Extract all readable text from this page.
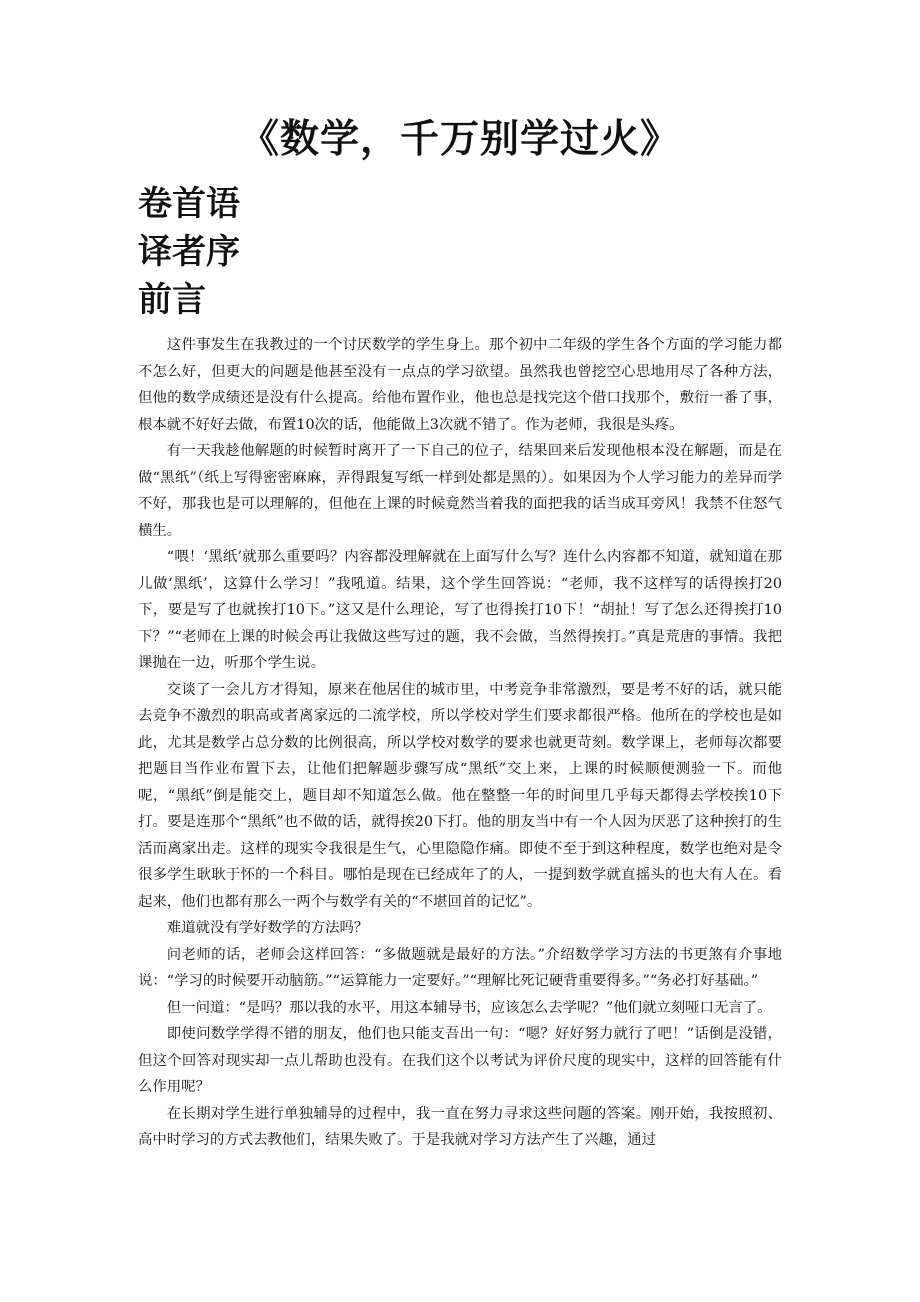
《数学，千万别学过火》
卷首语
译者序
前言

这件事发生在我教过的一个讨厌数学的学生身上。那个初中二年级的学生各个方面的学习能力都不怎么好，但更大的问题是他甚至没有一点点的学习欲望。虽然我也曾挖空心思地用尽了各种方法，但他的数学成绩还是没有什么提高。给他布置作业，他也总是找完这个借口找那个，敷衍一番了事，根本就不好好去做，布置10次的话，他能做上3次就不错了。作为老师，我很是头疼。

有一天我趁他解题的时候暂时离开了一下自己的位子，结果回来后发现他根本没在解题，而是在做“黑纸”（纸上写得密密麻麻，弄得跟复写纸一样到处都是黑的）。如果因为个人学习能力的差异而学不好，那我也是可以理解的，但他在上课的时候竟然当着我的面把我的话当成耳旁风！我禁不住怒气横生。

“喂！‘黑纸’就那么重要吗？内容都没理解就在上面写什么写？连什么内容都不知道，就知道在那儿做‘黑纸’，这算什么学习！”我吼道。结果，这个学生回答说：“老师，我不这样写的话得挨打20下，要是写了也就挨打10下。”这又是什么理论，写了也得挨打10下！“胡扯！写了怎么还得挨打10下？”“老师在上课的时候会再让我做这些写过的题，我不会做，当然得挨打。”真是荒唐的事情。我把课抛在一边，听那个学生说。

交谈了一会儿方才得知，原来在他居住的城市里，中考竞争非常激烈，要是考不好的话，就只能去竞争不激烈的职高或者离家远的二流学校，所以学校对学生们要求都很严格。他所在的学校也是如此，尤其是数学占总分数的比例很高，所以学校对数学的要求也就更苛刻。数学课上，老师每次都要把题目当作业布置下去，让他们把解题步骤写成“黑纸”交上来，上课的时候顺便测验一下。而他呢，“黑纸”倒是能交上，题目却不知道怎么做。他在整整一年的时间里几乎每天都得去学校挨10下打。要是连那个“黑纸”也不做的话，就得挨20下打。他的朋友当中有一个人因为厌恶了这种挨打的生活而离家出走。这样的现实令我很是生气，心里隐隐作痛。即使不至于到这种程度，数学也绝对是令很多学生耿耿于怀的一个科目。哪怕是现在已经成年了的人，一提到数学就直摇头的也大有人在。看起来，他们也都有那么一两个与数学有关的“不堪回首的记忆”。

难道就没有学好数学的方法吗？

问老师的话，老师会这样回答：“多做题就是最好的方法。”介绍数学学习方法的书更煞有介事地说：“学习的时候要开动脑筋。”“运算能力一定要好。”“理解比死记硬背重要得多。”“务必打好基础。”

但一问道：“是吗？那以我的水平，用这本辅导书，应该怎么去学呢？”他们就立刻哑口无言了。

即使问数学学得不错的朋友，他们也只能支吾出一句：“嗯？好好努力就行了吧！”话倒是没错，但这个回答对现实却一点儿帮助也没有。在我们这个以考试为评价尺度的现实中，这样的回答能有什么作用呢？

在长期对学生进行单独辅导的过程中，我一直在努力寻求这些问题的答案。刚开始，我按照初、高中时学习的方式去教他们，结果失败了。于是我就对学习方法产生了兴趣，通过
